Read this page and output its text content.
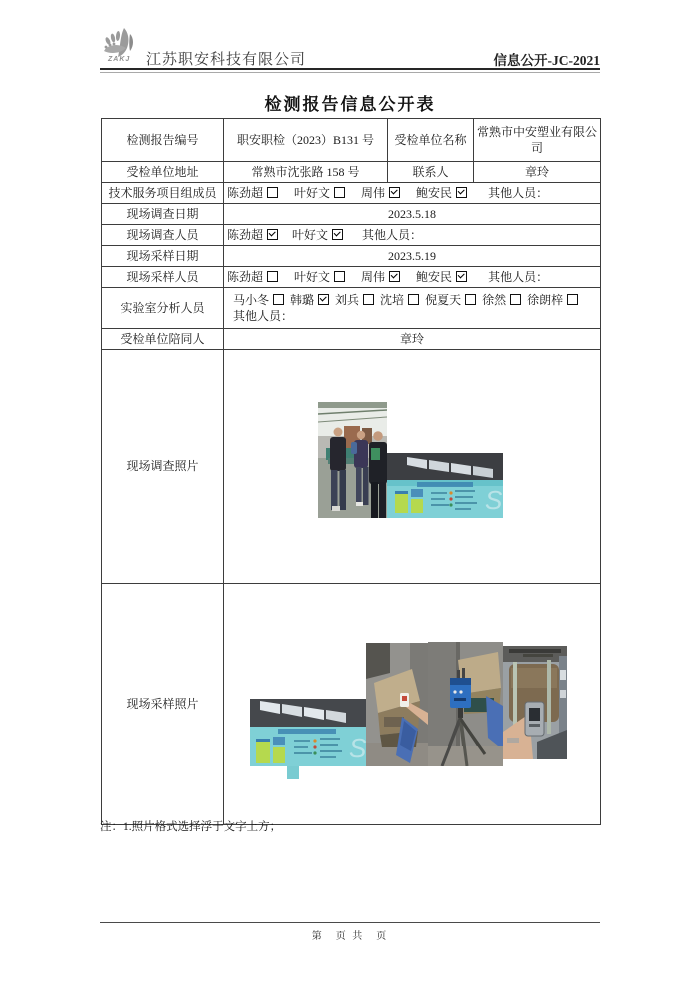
ZAKJ 江苏职安科技有限公司	信息公开-JC-2021
检测报告信息公开表
检测报告编号	职安职检（2023）B131 号	受检单位名称	常熟市中安塑业有限公司
受检单位地址	常熟市沈张路 158 号	联系人	章玲
技术服务项目组成员	陈劲超 叶好文 周伟 鲍安民 其他人员：		
现场调查日期	2023.5.18		
现场调查人员	陈劲超 叶好文 其他人员：		
现场采样日期	2023.5.19		
现场采样人员	陈劲超 叶好文 周伟 鲍安民 其他人员：		
实验室分析人员	马小冬 韩璐 刘兵 沈培 倪夏天 徐然 徐朗梓
其他人员：		

受检单位陪同人	章玲		
现场调查照片	S		

现场采样照片	S		
注：1.照片格式选择浮于文字上方；
第　页 共　页
